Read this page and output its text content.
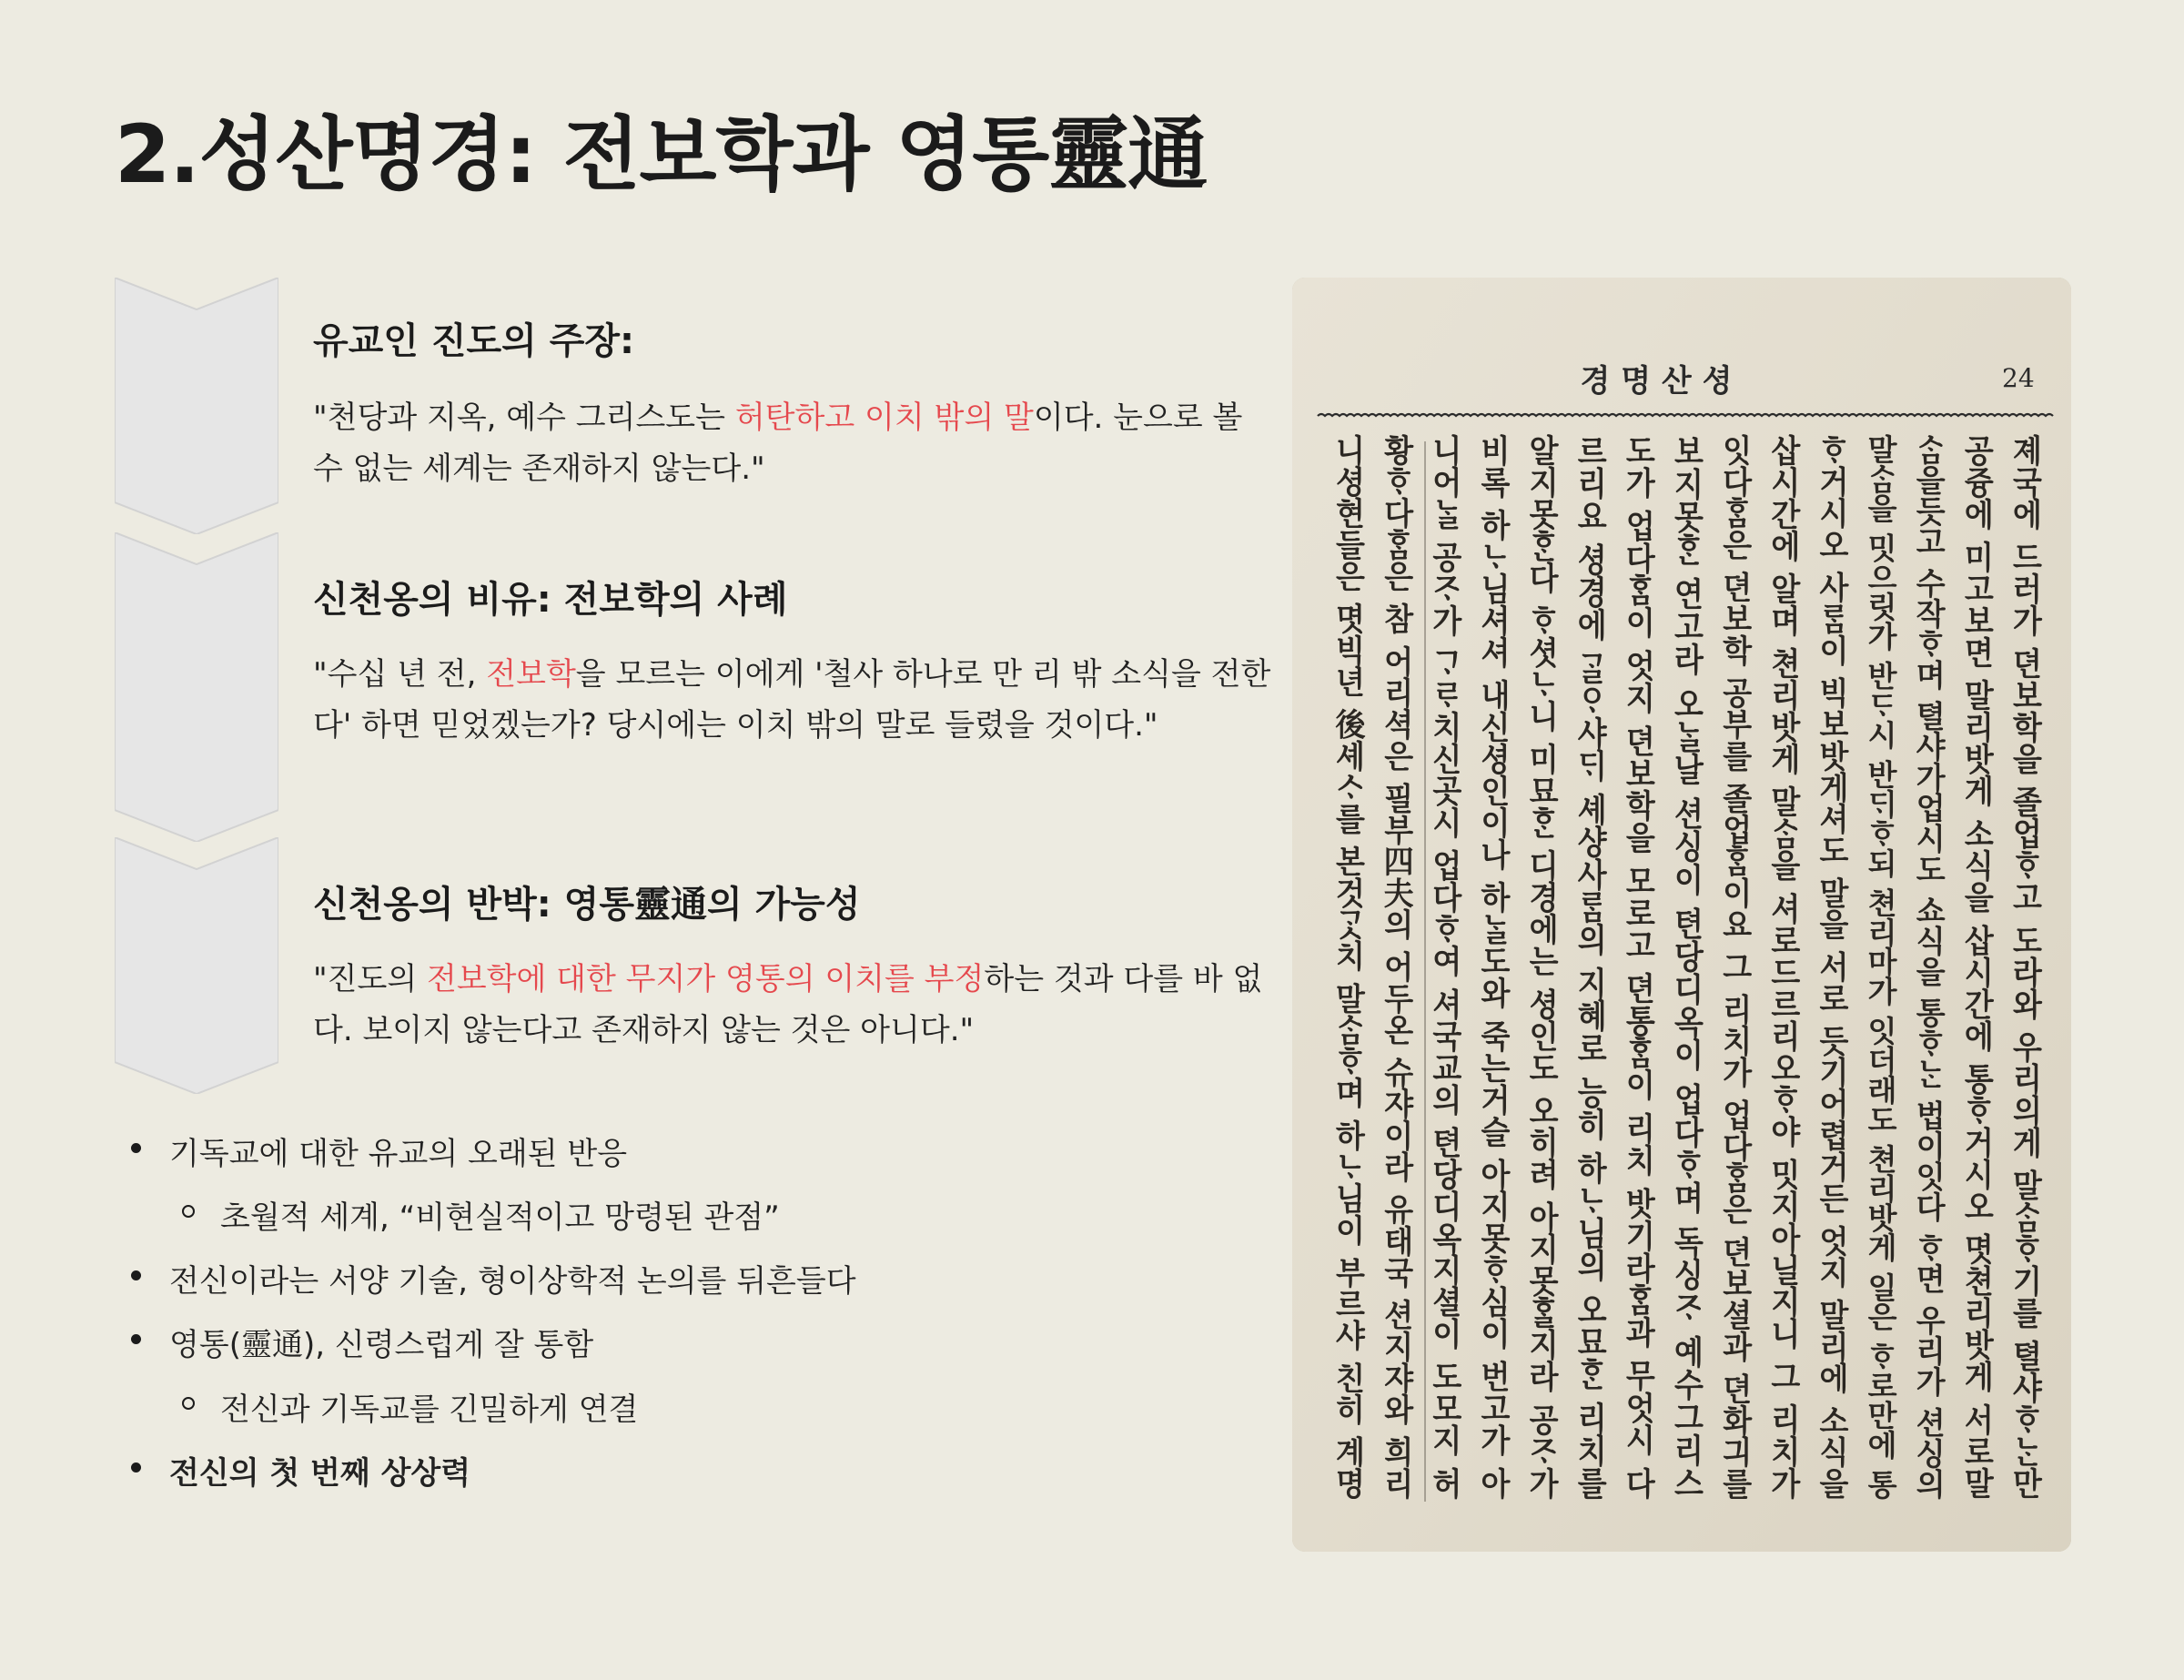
2.성산명경: 전보학과 영통靈通
유교인 진도의 주장:
"천당과 지옥, 예수 그리스도는 허탄하고 이치 밖의 말이다. 눈으로 볼 수 없는 세계는 존재하지 않는다."
신천옹의 비유: 전보학의 사례
"수십 년 전, 전보학을 모르는 이에게 '철사 하나로 만 리 밖 소식을 전한다' 하면 믿었겠는가? 당시에는 이치 밖의 말로 들렸을 것이다."
신천옹의 반박: 영통靈通의 가능성
"진도의 전보학에 대한 무지가 영통의 이치를 부정하는 것과 다를 바 없다. 보이지 않는다고 존재하지 않는 것은 아니다."
기독교에 대한 유교의 오래된 반응
초월적 세계, “비현실적이고 망령된 관점”
전신이라는 서양 기술, 형이상학적 논의를 뒤흔들다
영통(靈通), 신령스럽게 잘 통함
전신과 기독교를 긴밀하게 연결
전신의 첫 번째 상상력
경 명 산 셩	24
졔국에 드러가 뎐보학을 졸업ᄒᆞ고 도라와 우리의게 말ᄉᆞᆷᄒᆞ기를 텰샤ᄒᆞᄂᆞᆫ만
공즁에 미고보면 말리밧게 소식을 삽시간에 통ᄒᆞ거시오 몃쳔리밧게 서로말
ᄉᆞᆷ을듯고 수작ᄒᆞ며 텰샤가업시도 쇼식을 통ᄒᆞᄂᆞᆫ 법이잇다 ᄒᆞ면 우리가 션싱의
말ᄉᆞᆷ을 밋으릿가 반ᄃᆞ시 반ᄃᆡᄒᆞ되 쳔리마가 잇더래도 쳔리밧게 일은 ᄒᆞ로만에 통
ᄒᆞ거시오 사ᄅᆞᆷ이 빅보밧게셔도 말을 서로 듯기어렵거든 엇지 말리에 소식을
삽시간에 알며 쳔리밧게 말ᄉᆞᆷ을 셔로드르리오ᄒᆞ야 밋지아닐지니 그 리치가
잇다ᄒᆞᆷ은 뎐보학 공부를 졸업ᄒᆞᆷ이요 그 리치가 업다ᄒᆞᆷ은 뎐보셜과 뎐화긔를
보지못ᄒᆞᆫ 연고라 오ᄂᆞᆯ날 션싱이 텬당디옥이 업다ᄒᆞ며 독싱ᄌᆞ 예수그리스
도가 업다ᄒᆞᆷ이 엇지 뎐보학을 모로고 뎐통ᄒᆞᆷ이 리치 밧기라ᄒᆞᆷ과 무엇시 다
르리요 셩경에 ᄀᆞᆯᄋᆞ샤ᄃᆡ 셰샹사ᄅᆞᆷ의 지혜로 능히 하ᄂᆞ님의 오묘ᄒᆞᆫ 리치를
알지못ᄒᆞᆫ다 ᄒᆞ셧ᄂᆞ니 미묘ᄒᆞᆫ 디경에는 셩인도 오히려 아지못ᄒᆞᆯ지라 공ᄌᆞ가
비록 하ᄂᆞ님셔셔 내신셩인이나 하ᄂᆞᆯ도와 죽는거슬 아지못ᄒᆞ심이 번고가 아
니어ᄂᆞᆯ 공ᄌᆞ가 ᄀᆞᄅᆞ치신곳시 업다ᄒᆞ여 셔국교의 텬당디옥지셜이 도모지 허
황ᄒᆞ다ᄒᆞᆷ은 참 어리셕은 필부四夫의 어두온 슈쟈이라 유태국 션지쟈와 희리
니셩현들은 몃빅년 後셰ᄉᆞ를 본것ᄀᆞᆺ치 말ᄉᆞᆷᄒᆞ며 하ᄂᆞ님이 부르샤 친히 계명
